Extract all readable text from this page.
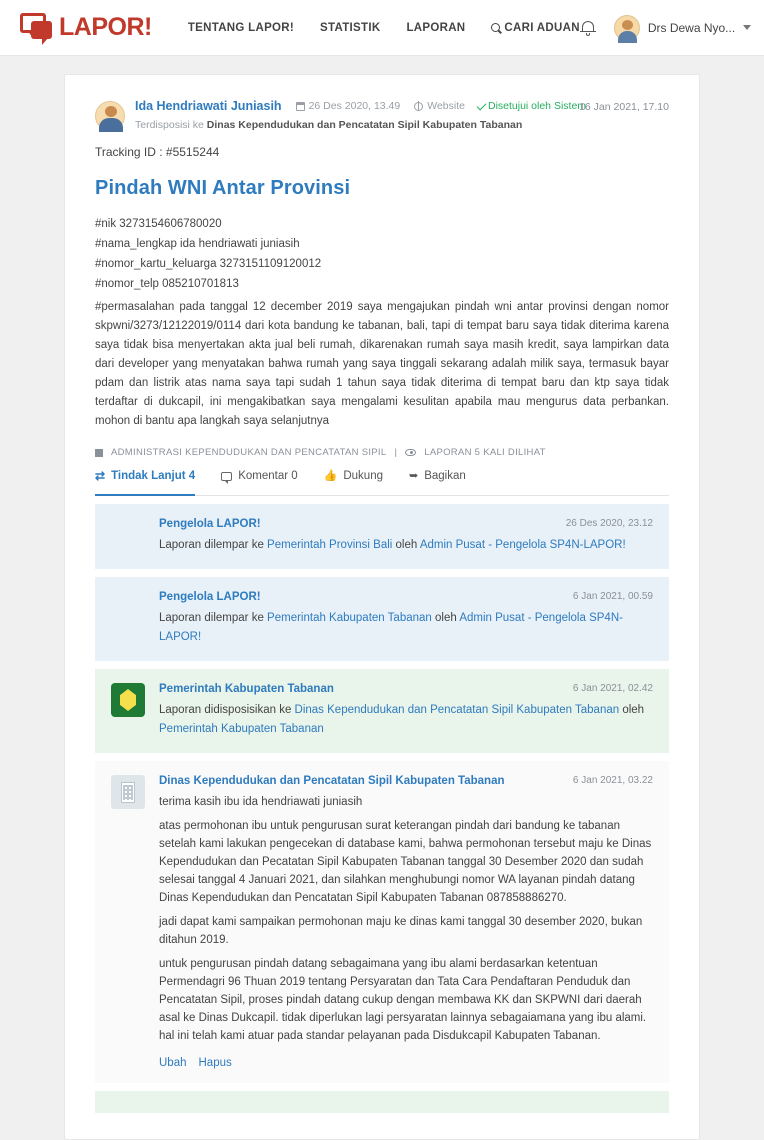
LAPOR!	TENTANG LAPOR! STATISTIK LAPORAN	CARI ADUAN	Drs Dewa Nyo...
Ida Hendriawati Juniasih	26 Des 2020, 13.49	Website Disetujui oleh Sistem
Terdisposisi ke Dinas Kependudukan dan Pencatatan Sipil Kabupaten Tabanan
16 Jan 2021, 17.10
Tracking ID : #5515244
Pindah WNI Antar Provinsi
#nik 3273154606780020
#nama_lengkap ida hendriawati juniasih
#nomor_kartu_keluarga 3273151109120012
#nomor_telp 085210701813
#permasalahan pada tanggal 12 december 2019 saya mengajukan pindah wni antar provinsi dengan nomor skpwni/3273/12122019/0114 dari kota bandung ke tabanan, bali, tapi di tempat baru saya tidak diterima karena saya tidak bisa menyertakan akta jual beli rumah, dikarenakan rumah saya masih kredit, saya lampirkan data dari developer yang menyatakan bahwa rumah yang saya tinggali sekarang adalah milik saya, termasuk bayar pdam dan listrik atas nama saya tapi sudah 1 tahun saya tidak diterima di tempat baru dan ktp saya tidak terdaftar di dukcapil, ini mengakibatkan saya mengalami kesulitan apabila mau mengurus data perbankan. mohon di bantu apa langkah saya selanjutnya
ADMINISTRASI KEPENDUDUKAN DAN PENCATATAN SIPIL |	LAPORAN 5 KALI DILIHAT
⇄ Tindak Lanjut 4	Komentar 0 👍 Dukung ➥ Bagikan
Pengelola LAPOR!
Laporan dilempar ke Pemerintah Provinsi Bali oleh Admin Pusat - Pengelola SP4N-LAPOR!
26 Des 2020, 23.12
Pengelola LAPOR!
Laporan dilempar ke Pemerintah Kabupaten Tabanan oleh Admin Pusat - Pengelola SP4N-LAPOR!
6 Jan 2021, 00.59
Pemerintah Kabupaten Tabanan
Laporan didisposisikan ke Dinas Kependudukan dan Pencatatan Sipil Kabupaten Tabanan oleh Pemerintah Kabupaten Tabanan
6 Jan 2021, 02.42
Dinas Kependudukan dan Pencatatan Sipil Kabupaten Tabanan
terima kasih ibu ida hendriawati juniasih
atas permohonan ibu untuk pengurusan surat keterangan pindah dari bandung ke tabanan setelah kami lakukan pengecekan di database kami, bahwa permohonan tersebut maju ke Dinas Kependudukan dan Pecatatan Sipil Kabupaten Tabanan tanggal 30 Desember 2020 dan sudah selesai tanggal 4 Januari 2021, dan silahkan menghubungi nomor WA layanan pindah datang Dinas Kependudukan dan Pencatatan Sipil Kabupaten Tabanan 087858886270.
jadi dapat kami sampaikan permohonan maju ke dinas kami tanggal 30 desember 2020, bukan ditahun 2019.
untuk pengurusan pindah datang sebagaimana yang ibu alami berdasarkan ketentuan Permendagri 96 Thuan 2019 tentang Persyaratan dan Tata Cara Pendaftaran Penduduk dan Pencatatan Sipil, proses pindah datang cukup dengan membawa KK dan SKPWNI dari daerah asal ke Dinas Dukcapil. tidak diperlukan lagi persyaratan lainnya sebagaiamana yang ibu alami. hal ini telah kami atuar pada standar pelayanan pada Disdukcapil Kabupaten Tabanan.
Ubah Hapus
6 Jan 2021, 03.22
